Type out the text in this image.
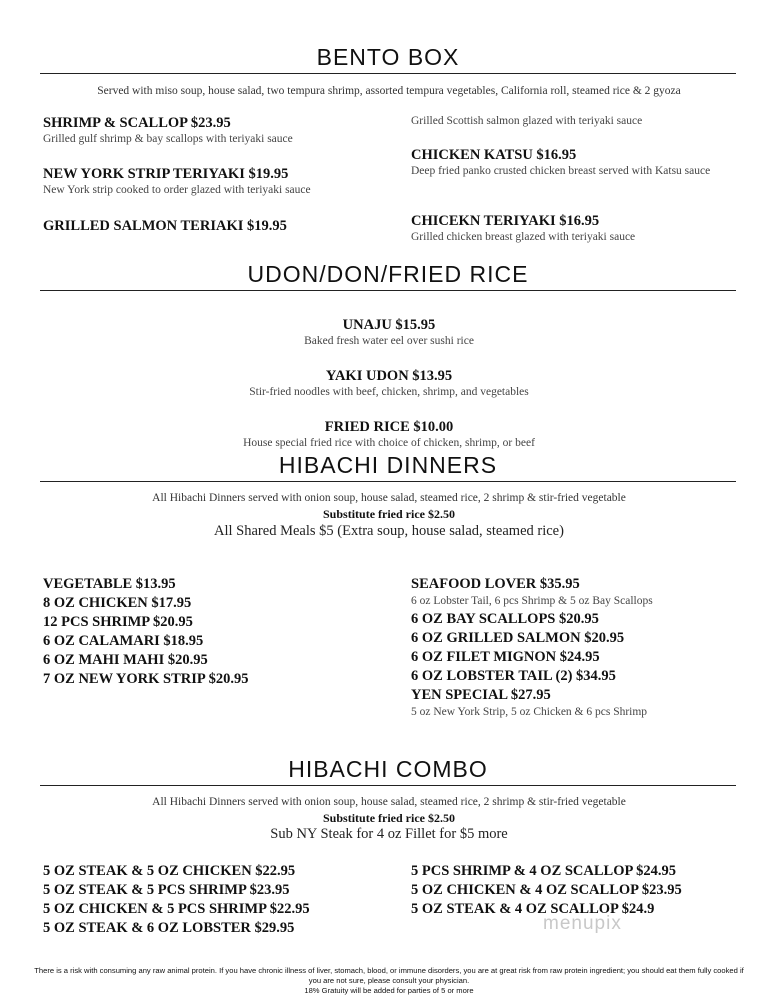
BENTO BOX
Served with miso soup, house salad, two tempura shrimp, assorted tempura vegetables, California roll, steamed rice & 2 gyoza
SHRIMP & SCALLOP $23.95
Grilled gulf shrimp & bay scallops with teriyaki sauce
NEW YORK STRIP TERIYAKI $19.95
New York strip cooked to order glazed with teriyaki sauce
GRILLED SALMON TERIAKI $19.95
Grilled Scottish salmon glazed with teriyaki sauce
CHICKEN KATSU $16.95
Deep fried panko crusted chicken breast served with Katsu sauce
CHICEKN TERIYAKI $16.95
Grilled chicken breast glazed with teriyaki sauce
UDON/DON/FRIED RICE
UNAJU $15.95
Baked fresh water eel over sushi rice
YAKI UDON $13.95
Stir-fried noodles with beef, chicken, shrimp, and vegetables
FRIED RICE $10.00
House special fried rice with choice of chicken, shrimp, or beef
HIBACHI DINNERS
All Hibachi Dinners served with onion soup, house salad, steamed rice, 2 shrimp & stir-fried vegetable
Substitute fried rice $2.50
All Shared Meals $5 (Extra soup, house salad, steamed rice)
VEGETABLE $13.95
8 OZ CHICKEN $17.95
12 PCS SHRIMP $20.95
6 OZ CALAMARI $18.95
6 OZ MAHI MAHI $20.95
7 OZ NEW YORK STRIP $20.95
SEAFOOD LOVER $35.95
6 oz Lobster Tail, 6 pcs Shrimp & 5 oz Bay Scallops
6 OZ BAY SCALLOPS $20.95
6 OZ GRILLED SALMON $20.95
6 OZ FILET MIGNON $24.95
6 OZ LOBSTER TAIL (2) $34.95
YEN SPECIAL $27.95
5 oz New York Strip, 5 oz Chicken & 6 pcs Shrimp
HIBACHI COMBO
All Hibachi Dinners served with onion soup, house salad, steamed rice, 2 shrimp & stir-fried vegetable
Substitute fried rice $2.50
Sub NY Steak for 4 oz Fillet for $5 more
5 OZ STEAK & 5 OZ CHICKEN $22.95
5 OZ STEAK & 5 PCS SHRIMP $23.95
5 OZ CHICKEN & 5 PCS SHRIMP $22.95
5 OZ STEAK & 6 OZ LOBSTER $29.95
5 PCS SHRIMP & 4 OZ SCALLOP $24.95
5 OZ CHICKEN & 4 OZ SCALLOP $23.95
5 OZ STEAK & 4 OZ SCALLOP $24.9
menupix
There is a risk with consuming any raw animal protein. If you have chronic illness of liver, stomach, blood, or immune disorders, you are at great risk from raw protein ingredient; you should eat them fully cooked if you are not sure, please consult your physician.
18% Gratuity will be added for parties of 5 or more
